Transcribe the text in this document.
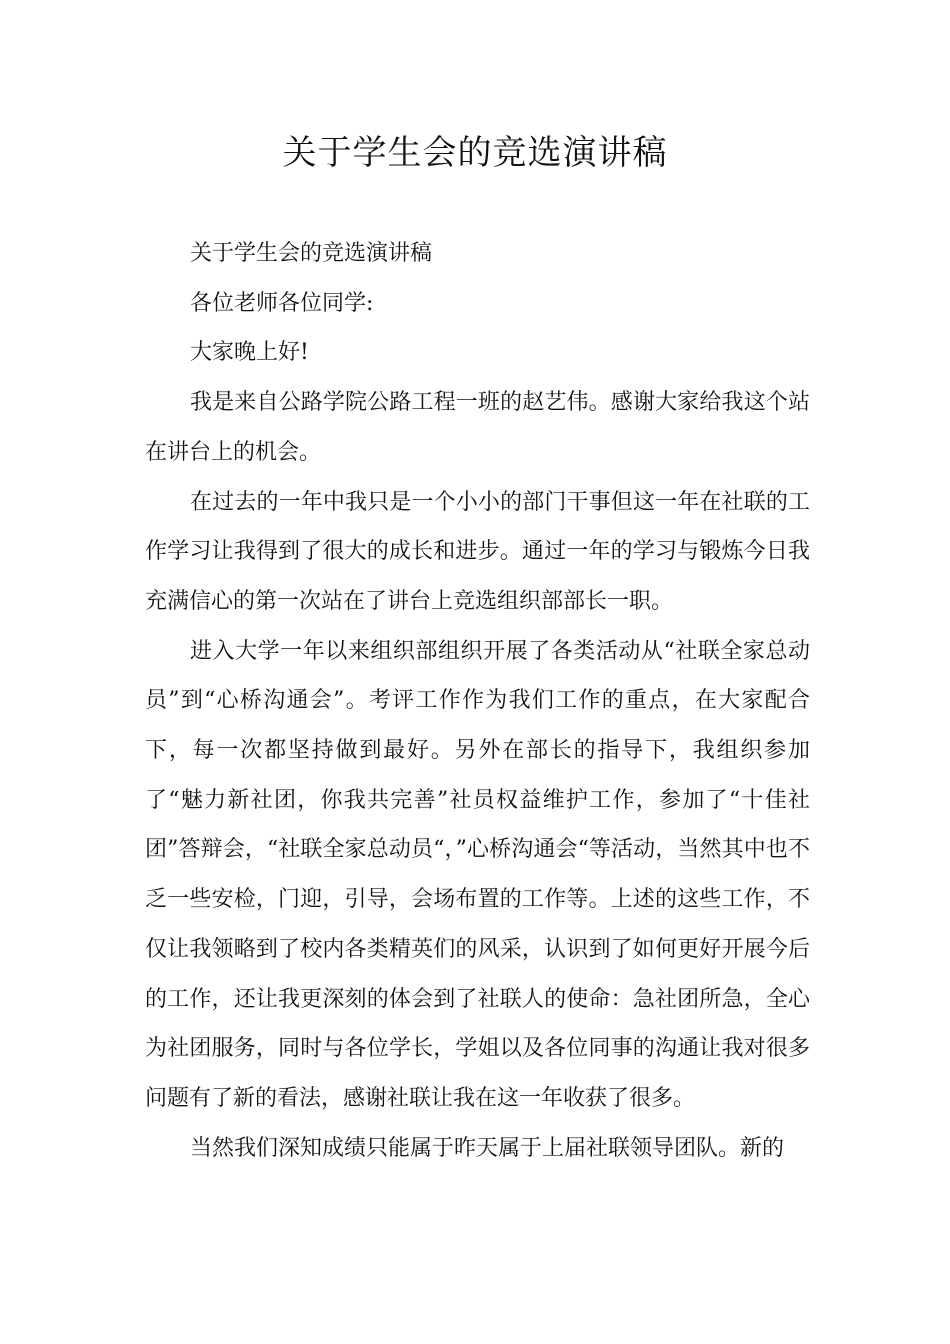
关于学生会的竞选演讲稿

关于学生会的竞选演讲稿

各位老师各位同学:

大家晚上好!

我是来自公路学院公路工程一班的赵艺伟。感谢大家给我这个站在讲台上的机会。

在过去的一年中我只是一个小小的部门干事但这一年在社联的工作学习让我得到了很大的成长和进步。通过一年的学习与锻炼今日我充满信心的第一次站在了讲台上竞选组织部部长一职。

进入大学一年以来组织部组织开展了各类活动从“社联全家总动员”到“心桥沟通会”。考评工作作为我们工作的重点，在大家配合下，每一次都坚持做到最好。另外在部长的指导下，我组织参加了“魅力新社团，你我共完善”社员权益维护工作，参加了“十佳社团”答辩会，“社联全家总动员“，”心桥沟通会“等活动，当然其中也不乏一些安检，门迎，引导，会场布置的工作等。上述的这些工作，不仅让我领略到了校内各类精英们的风采，认识到了如何更好开展今后的工作，还让我更深刻的体会到了社联人的使命：急社团所急，全心为社团服务，同时与各位学长，学姐以及各位同事的沟通让我对很多问题有了新的看法，感谢社联让我在这一年收获了很多。

当然我们深知成绩只能属于昨天属于上届社联领导团队。新的
